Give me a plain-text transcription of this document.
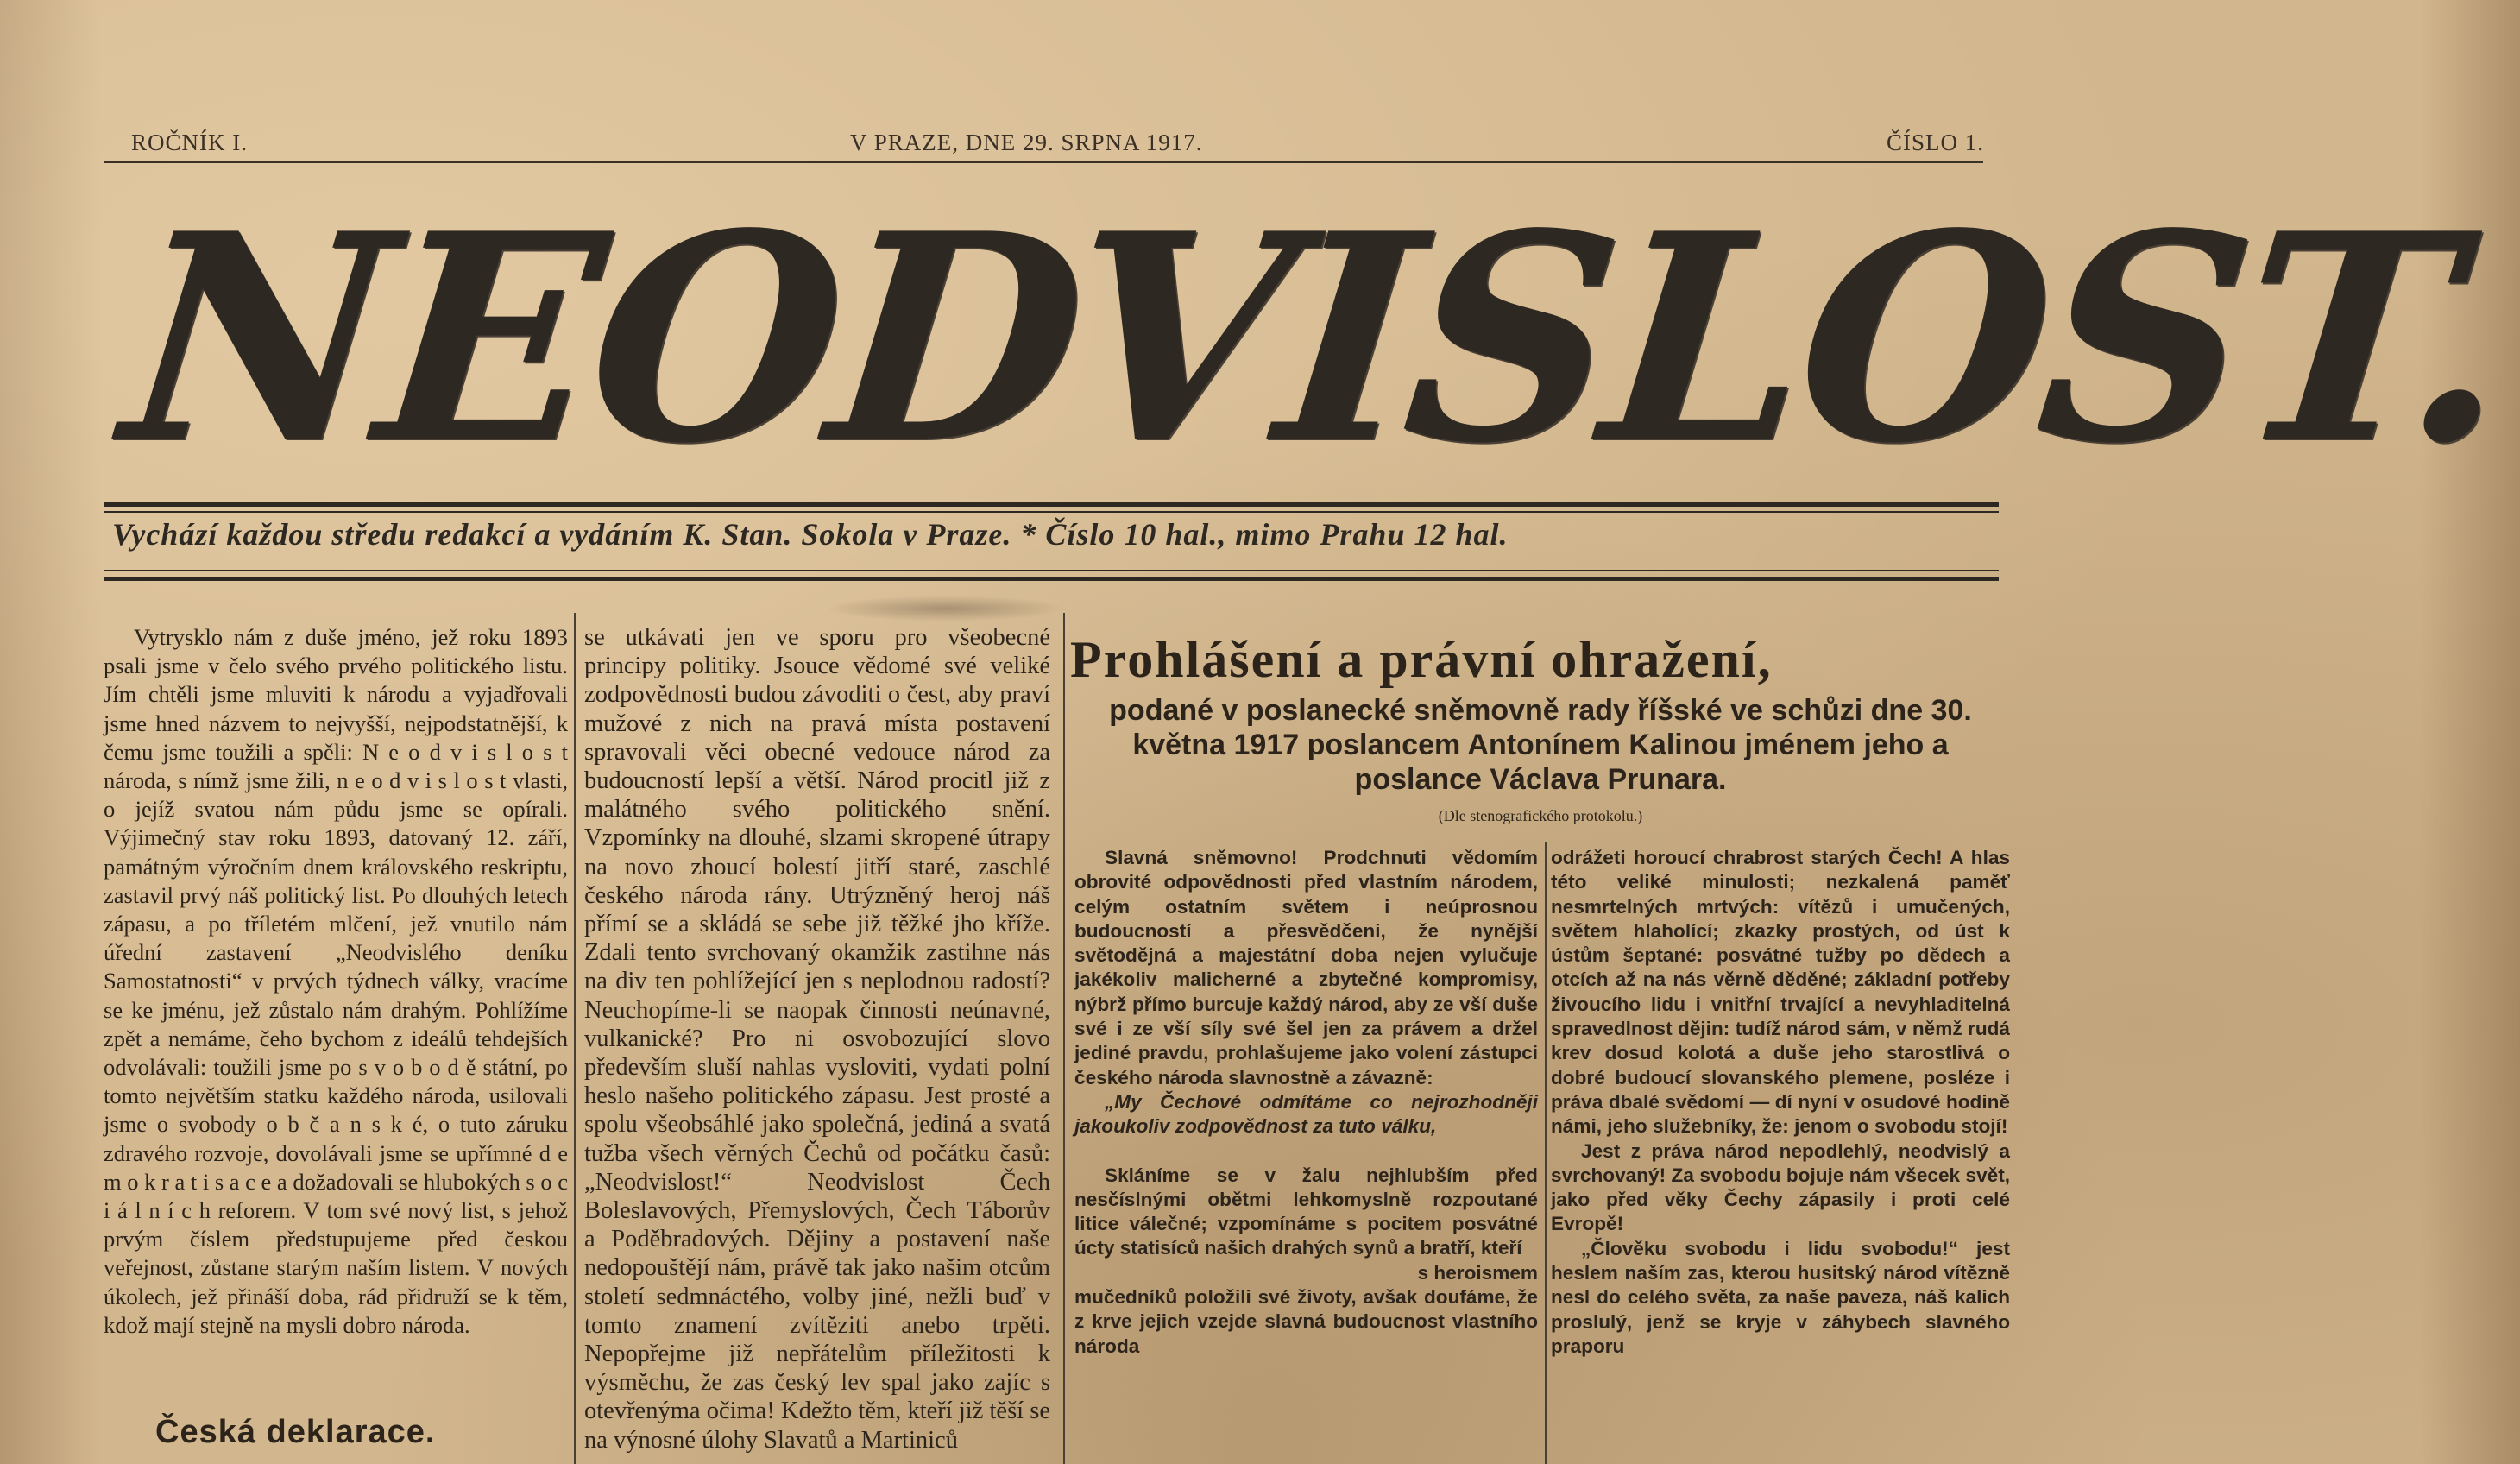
ROČNÍK I.	V PRAZE, DNE 29. SRPNA 1917.	ČÍSLO 1.
NEODVISLOST.
Vychází každou středu redakcí a vydáním K. Stan. Sokola v Praze. * Číslo 10 hal., mimo Prahu 12 hal.

Vytrysklo nám z duše jméno, jež roku 1893 psali jsme v čelo svého prvého politického listu. Jím chtěli jsme mluviti k národu a vyjadřovali jsme hned názvem to nejvyšší, nejpodstatnější, k čemu jsme toužili a spěli: N e o d v i s l o s t národa, s nímž jsme žili, n e o d v i s l o s t vlasti, o jejíž svatou nám půdu jsme se opírali. Výjimečný stav roku 1893, datovaný 12. září, památným výročním dnem královského reskriptu, zastavil prvý náš politický list. Po dlouhých letech zápasu, a po tříletém mlčení, jež vnutilo nám úřední zastavení „Neodvislého deníku Samostatnosti“ v prvých týdnech války, vracíme se ke jménu, jež zůstalo nám drahým. Pohlížíme zpět a nemáme, čeho bychom z ideálů tehdejších odvolávali: toužili jsme po s v o b o d ě státní, po tomto největším statku každého národa, usilovali jsme o svobody o b č a n s k é, o tuto záruku zdravého rozvoje, dovolávali jsme se upřímné d e m o k r a t i s a c e a dožadovali se hlubokých s o c i á l n í c h reforem. V tom své nový list, s jehož prvým číslem předstupujeme před českou veřejnost, zůstane starým naším listem. V nových úkolech, jež přináší doba, rád přidruží se k těm, kdož mají stejně na mysli dobro národa.

Česká deklarace.

se utkávati jen ve sporu pro všeobecné principy politiky. Jsouce vědomé své veliké zodpovědnosti budou závoditi o čest, aby praví mužové z nich na pravá místa postavení spravovali věci obecné vedouce národ za budoucností lepší a větší. Národ procitl již z malátného svého politického snění. Vzpomínky na dlouhé, slzami skropené útrapy na novo zhoucí bolestí jitří staré, zaschlé českého národa rány. Utrýzněný heroj náš přímí se a skládá se sebe již těžké jho kříže. Zdali tento svrchovaný okamžik zastihne nás na div ten pohlížející jen s neplodnou radostí? Neuchopíme-li se naopak činnosti neúnavné, vulkanické? Pro ni osvobozující slovo především sluší nahlas vysloviti, vydati polní heslo našeho politického zápasu. Jest prosté a spolu všeobsáhlé jako společná, jediná a svatá tužba všech věrných Čechů od počátku časů: „Neodvislost!“ Neodvislost Čech Boleslavových, Přemyslových, Čech Táborův a Poděbradových. Dějiny a postavení naše nedopouštějí nám, právě tak jako našim otcům století sedmnáctého, volby jiné, nežli buď v tomto znamení zvítěziti anebo trpěti. Nepopřejme již nepřátelům příležitosti k výsměchu, že zas český lev spal jako zajíc s otevřenýma očima! Kdežto těm, kteří již těší se na výnosné úlohy Slavatů a Martiniců

Prohlášení a právní ohražení,
podané v poslanecké sněmovně rady říšské ve schůzi dne 30. května 1917 poslancem Antonínem Kalinou jménem jeho a poslance Václava Prunara.
(Dle stenografického protokolu.)

Slavná sněmovno! Prodchnuti vědomím obrovité odpovědnosti před vlastním národem, celým ostatním světem i neúprosnou budoucností a přesvědčeni, že nynější světodějná a majestátní doba nejen vylučuje jakékoliv malicherné a zbytečné kompromisy, nýbrž přímo burcuje každý národ, aby ze vší duše své i ze vší síly své šel jen za právem a držel jediné pravdu, prohlašujeme jako volení zástupci českého národa slavnostně a závazně:

„My Čechové odmítáme co nejrozhodněji jakoukoliv zodpovědnost za tuto válku,

Skláníme se v žalu nejhlubším před nesčíslnými obětmi lehkomyslně rozpoutané litice válečné; vzpomínáme s pocitem posvátné úcty statisíců našich drahých synů a bratří, kteří

s heroismem

mučedníků položili své životy, avšak doufáme, že z krve jejich vzejde slavná budoucnost vlastního národa

odrážeti horoucí chrabrost starých Čech! A hlas této veliké minulosti; nezkalená paměť nesmrtelných mrtvých: vítězů i umučených, světem hlaholící; zkazky prostých, od úst k ústům šeptané: posvátné tužby po dědech a otcích až na nás věrně děděné; základní potřeby živoucího lidu i vnitřní trvající a nevyhladitelná spravedlnost dějin: tudíž národ sám, v němž rudá krev dosud kolotá a duše jeho starostlivá o dobré budoucí slovanského plemene, posléze i práva dbalé svědomí — dí nyní v osudové hodině námi, jeho služebníky, že: jenom o svobodu stojí!

Jest z práva národ nepodlehlý, neodvislý a svrchovaný! Za svobodu bojuje nám všecek svět, jako před věky Čechy zápasily i proti celé Evropě!

„Člověku svobodu i lidu svobodu!“ jest heslem naším zas, kterou husitský národ vítězně nesl do celého světa, za naše paveza, náš kalich proslulý, jenž se kryje v záhybech slavného praporu
